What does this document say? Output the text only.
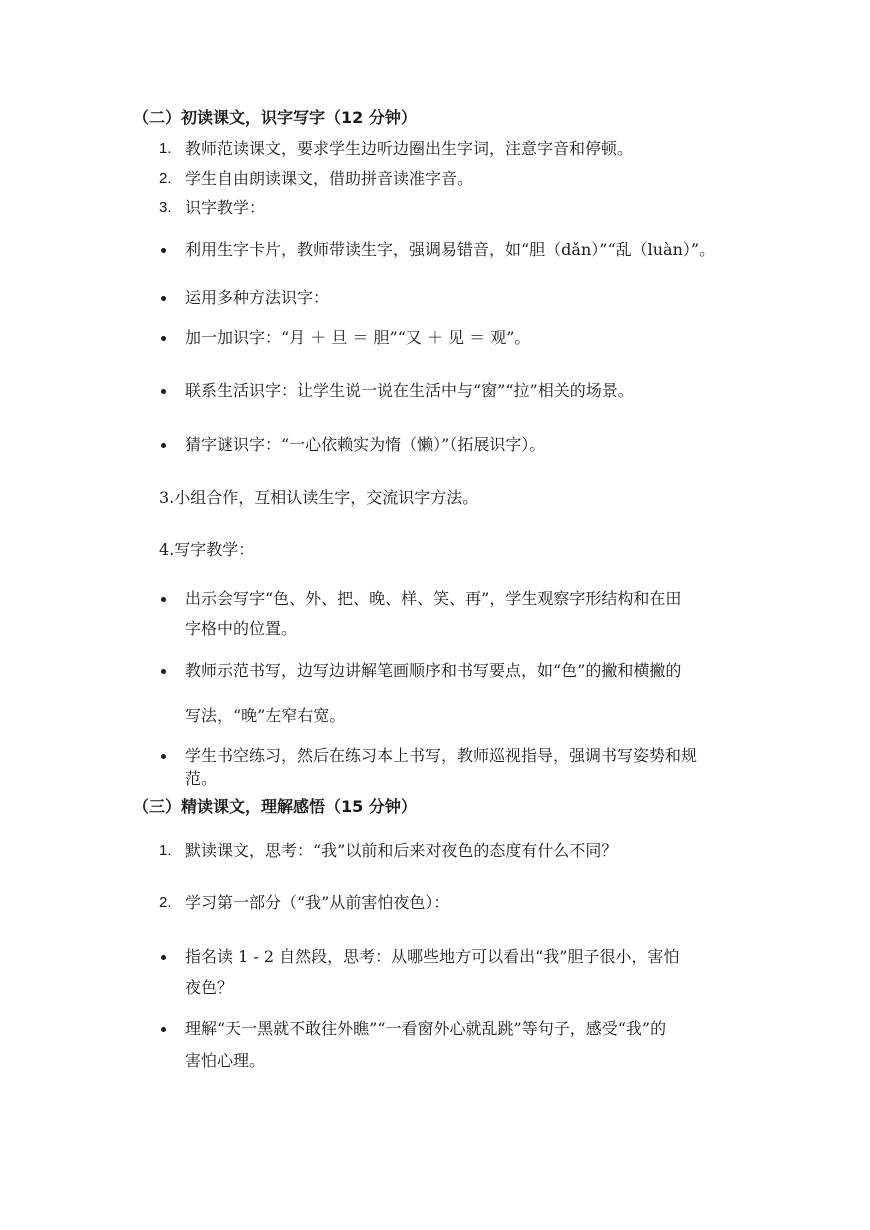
（二）初读课文，识字写字（12 分钟）
1. 教师范读课文，要求学生边听边圈出生字词，注意字音和停顿。
2. 学生自由朗读课文，借助拼音读准字音。
3. 识字教学：
利用生字卡片，教师带读生字，强调易错音，如“胆（dǎn）”“乱（luàn）”。
运用多种方法识字：
加一加识字：“月 ＋ 旦 ＝ 胆”“又 ＋ 见 ＝ 观”。
联系生活识字：让学生说一说在生活中与“窗”“拉”相关的场景。
猜字谜识字：“一心依赖实为惰（懒）”（拓展识字）。
3.小组合作，互相认读生字，交流识字方法。
4.写字教学：
出示会写字“色、外、把、晚、样、笑、再”，学生观察字形结构和在田
字格中的位置。
教师示范书写，边写边讲解笔画顺序和书写要点，如“色”的撇和横撇的
写法，“晚”左窄右宽。
学生书空练习，然后在练习本上书写，教师巡视指导，强调书写姿势和规
范。
（三）精读课文，理解感悟（15 分钟）
1. 默读课文，思考：“我”以前和后来对夜色的态度有什么不同？
2. 学习第一部分（“我”从前害怕夜色）：
指名读 1 - 2 自然段，思考：从哪些地方可以看出“我”胆子很小，害怕
夜色？
理解“天一黑就不敢往外瞧”“一看窗外心就乱跳”等句子，感受“我”的
害怕心理。
